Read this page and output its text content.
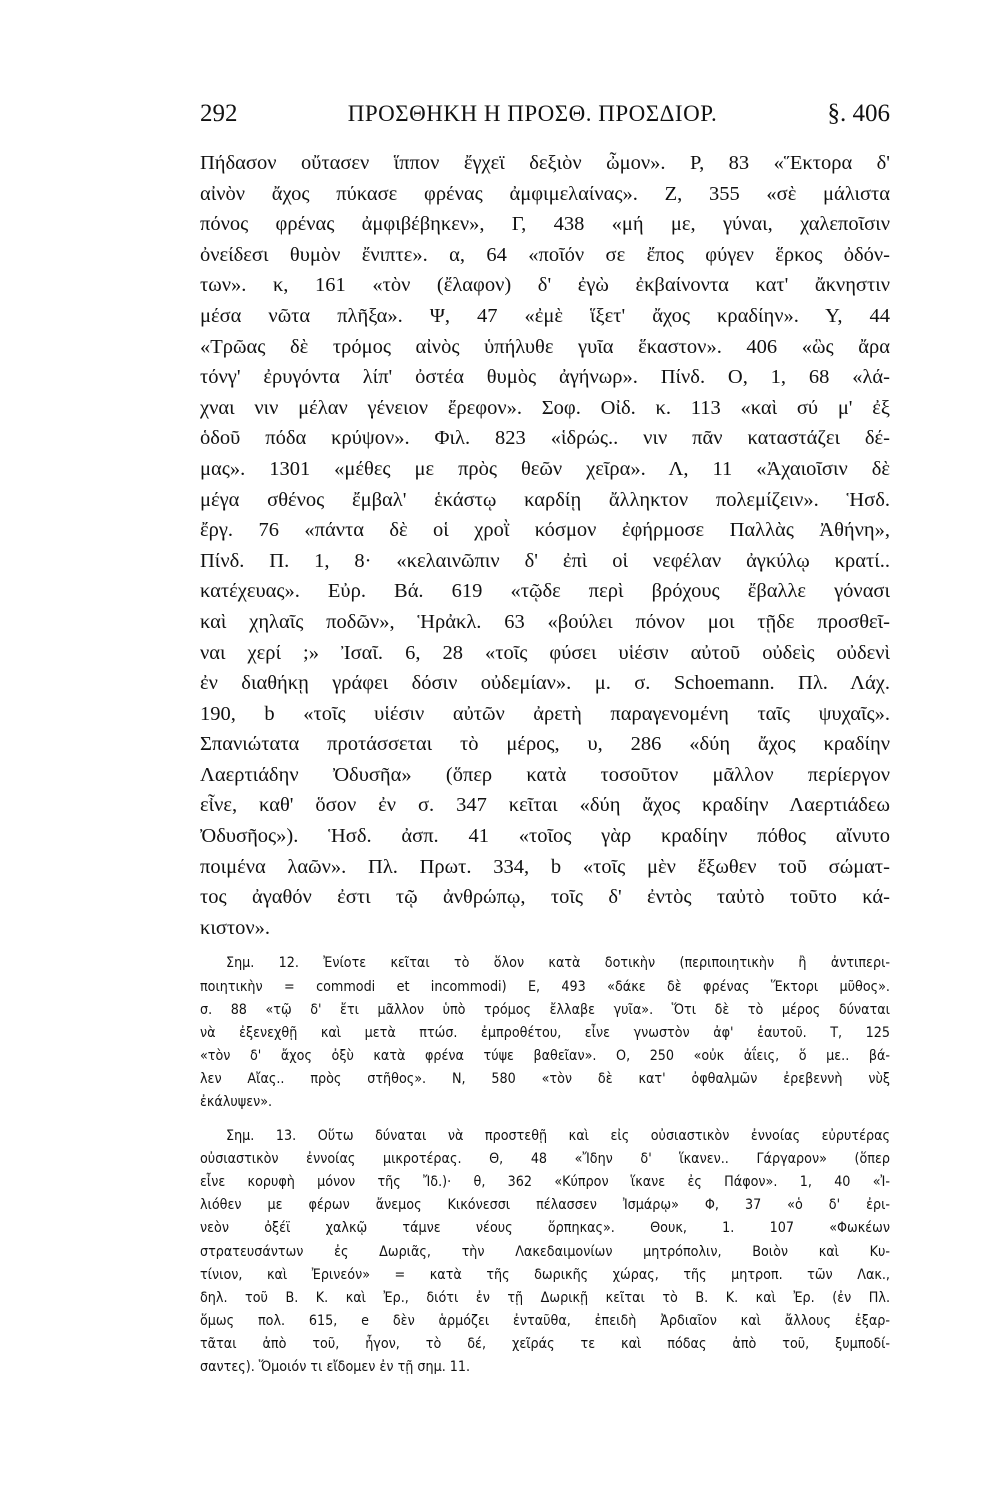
292	ΠΡΟΣΘΗΚΗ Η ΠΡΟΣΘ. ΠΡΟΣΔΙΟΡ.	§. 406
Πήδασον οὔτασεν ἵππον ἔγχεϊ δεξιὸν ὦμον». P, 83 «Ἕκτορα δ'
αἰνὸν ἄχος πύκασε φρένας ἀμφιμελαίνας». Z, 355 «σὲ μάλιστα
πόνος φρένας ἀμφιβέβηκεν», Γ, 438 «μή με, γύναι, χαλεποῖσιν
ὀνείδεσι θυμὸν ἔνιπτε». α, 64 «ποῖόν σε ἔπος φύγεν ἕρκος ὀδόν-
των». κ, 161 «τὸν (ἔλαφον) δ' ἐγὼ ἐκβαίνοντα κατ' ἄκνηστιν
μέσα νῶτα πλῆξα». Ψ, 47 «ἐμὲ ἵξετ' ἄχος κραδίην». Υ, 44
«Τρῶας δὲ τρόμος αἰνὸς ὑπήλυθε γυῖα ἕκαστον». 406 «ὣς ἄρα
τόνγ' ἐρυγόντα λίπ' ὀστέα θυμὸς ἀγήνωρ». Πίνδ. O, 1, 68 «λά-
χναι νιν μέλαν γένειον ἔρεφον». Σοφ. Οἰδ. κ. 113 «καὶ σύ μ' ἐξ
ὁδοῦ πόδα κρύψον». Φιλ. 823 «ἱδρώς.. νιν πᾶν καταστάζει δέ-
μας». 1301 «μέθες με πρὸς θεῶν χεῖρα». Λ, 11 «Ἀχαιοῖσιν δὲ
μέγα σθένος ἔμβαλ' ἑκάστῳ καρδίῃ ἄλληκτον πολεμίζειν». Ἡσδ.
ἔργ. 76 «πάντα δὲ οἱ χροῒ κόσμον ἐφήρμοσε Παλλὰς Ἀθήνη»,
Πίνδ. Π. 1, 8· «κελαινῶπιν δ' ἐπὶ οἱ νεφέλαν ἀγκύλῳ κρατί..
κατέχευας». Εὐρ. Βά. 619 «τῷδε περὶ βρόχους ἔβαλλε γόνασι
καὶ χηλαῖς ποδῶν», Ἡρἀκλ. 63 «βούλει πόνον μοι τῇδε προσθεῖ-
ναι χερί ;» Ἰσαῖ. 6, 28 «τοῖς φύσει υἱέσιν αὐτοῦ οὐδεὶς οὐδενὶ
ἐν διαθήκῃ γράφει δόσιν οὐδεμίαν». μ. σ. Schoemann. Πλ. Λάχ.
190, b «τοῖς υἱέσιν αὐτῶν ἀρετὴ παραγενομένη ταῖς ψυχαῖς».
Σπανιώτατα προτάσσεται τὸ μέρος, υ, 286 «δύη ἄχος κραδίην
Λαερτιάδην Ὀδυσῆα» (ὅπερ κατὰ τοσοῦτον μᾶλλον περίεργον
εἶνε, καθ' ὅσον ἐν σ. 347 κεῖται «δύη ἄχος κραδίην Λαερτιάδεω
Ὀδυσῆος»). Ἡσδ. ἀσπ. 41 «τοῖος γὰρ κραδίην πόθος αἴνυτο
ποιμένα λαῶν». Πλ. Πρωτ. 334, b «τοῖς μὲν ἔξωθεν τοῦ σώματ-
τος ἀγαθόν ἐστι τῷ ἀνθρώπῳ, τοῖς δ' ἐντὸς ταὐτὸ τοῦτο κά-
κιστον».
Σημ. 12. Ἐνίοτε κεῖται τὸ ὅλον κατὰ δοτικὴν (περιποιητικὴν ἢ ἀντιπερι-
ποιητικὴν = commodi et incommodi) E, 493 «δάκε δὲ φρένας Ἕκτορι μῦθος».
σ. 88 «τῷ δ' ἔτι μᾶλλον ὑπὸ τρόμος ἔλλαβε γυῖα». Ὅτι δὲ τὸ μέρος δύναται
νὰ ἐξενεχθῇ καὶ μετὰ πτώσ. ἐμπροθέτου, εἶνε γνωστὸν ἀφ' ἑαυτοῦ. T, 125
«τὸν δ' ἄχος ὀξὺ κατὰ φρένα τύψε βαθεῖαν». O, 250 «οὐκ ἀΐεις, ὅ με.. βά-
λεν Αἴας.. πρὸς στῆθος». N, 580 «τὸν δὲ κατ' ὀφθαλμῶν ἐρεβεννὴ νὺξ
ἐκάλυψεν».
Σημ. 13. Οὕτω δύναται νὰ προστεθῇ καὶ εἰς οὐσιαστικὸν ἐννοίας εὐρυτέρας
οὐσιαστικὸν ἐννοίας μικροτέρας. Θ, 48 «Ἴδην δ' ἵκανεν.. Γάργαρον» (ὅπερ
εἶνε κορυφὴ μόνον τῆς Ἴδ.)· θ, 362 «Κύπρον ἵκανε ἐς Πάφον». 1, 40 «Ἰ-
λιόθεν με φέρων ἄνεμος Κικόνεσσι πέλασσεν Ἰσμάρῳ» Φ, 37 «ὁ δ' ἐρι-
νεὸν ὀξέϊ χαλκῷ τάμνε νέους ὅρπηκας». Θουκ, 1. 107 «Φωκέων
στρατευσάντων ἐς Δωριᾶς, τὴν Λακεδαιμονίων μητρόπολιν, Βοιὸν καὶ Κυ-
τίνιον, καὶ Ἐρινεόν» = κατὰ τῆς δωρικῆς χώρας, τῆς μητροπ. τῶν Λακ.,
δηλ. τοῦ B. K. καὶ Ἐρ., διότι ἐν τῇ Δωρικῇ κεῖται τὸ B. K. καὶ Ἐρ. (ἐν Πλ.
ὅμως πολ. 615, e δὲν ἁρμόζει ἐνταῦθα, ἐπειδὴ Ἀρδιαῖον καὶ ἄλλους ἐξαρ-
τᾶται ἀπὸ τοῦ, ἦγον, τὸ δέ, χεῖράς τε καὶ πόδας ἀπὸ τοῦ, ξυμποδί-
σαντες). Ὅμοιόν τι εἴδομεν ἐν τῇ σημ. 11.
